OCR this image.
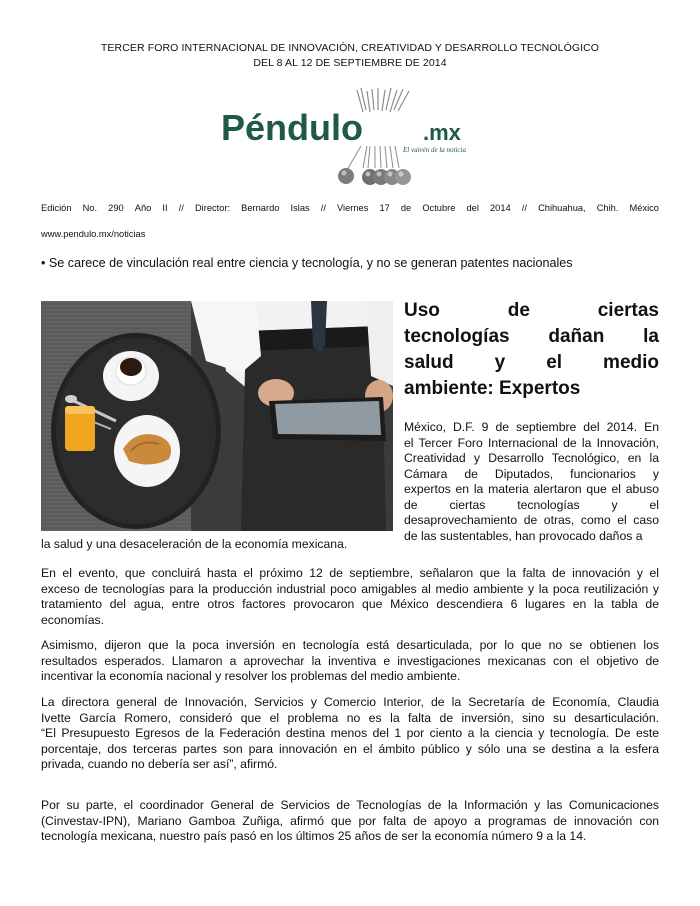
TERCER FORO INTERNACIONAL DE INNOVACIÓN, CREATIVIDAD Y DESARROLLO TECNOLÓGICO
DEL 8 AL 12 DE SEPTIEMBRE DE 2014
Péndulo	.mx
El vaivén de la noticia
Edición No. 290 Año II // Director: Bernardo Islas // Viernes 17 de Octubre del 2014 // Chihuahua, Chih. México
www.pendulo.mx/noticias
• Se carece de vinculación real entre ciencia y tecnología, y no se generan patentes nacionales
Uso de ciertas
tecnologías dañan la
salud y el medio
ambiente: Expertos
México, D.F. 9 de septiembre del 2014. En
el Tercer Foro Internacional de la Innovación,
Creatividad y Desarrollo Tecnológico, en la
Cámara de Diputados, funcionarios y
expertos en la materia alertaron que el abuso
de ciertas tecnologías y el
desaprovechamiento de otras, como el caso
de las sustentables, han provocado daños a
la salud y una desaceleración de la economía mexicana.
En el evento, que concluirá hasta el próximo 12 de septiembre, señalaron que la falta de innovación y el
exceso de tecnologías para la producción industrial poco amigables al medio ambiente y la poca reutilización y
tratamiento del agua, entre otros factores provocaron que México descendiera 6 lugares en la tabla de
economías.
Asimismo, dijeron que la poca inversión en tecnología está desarticulada, por lo que no se obtienen los
resultados esperados. Llamaron a aprovechar la inventiva e investigaciones mexicanas con el objetivo de
incentivar la economía nacional y resolver los problemas del medio ambiente.
La directora general de Innovación, Servicios y Comercio Interior, de la Secretaría de Economía, Claudia
Ivette García Romero, consideró que el problema no es la falta de inversión, sino su desarticulación.
“El Presupuesto Egresos de la Federación destina menos del 1 por ciento a la ciencia y tecnología. De este
porcentaje, dos terceras partes son para innovación en el ámbito público y sólo una se destina a la esfera
privada, cuando no debería ser así”, afirmó.
Por su parte, el coordinador General de Servicios de Tecnologías de la Información y las Comunicaciones
(Cinvestav-IPN), Mariano Gamboa Zuñiga, afirmó que por falta de apoyo a programas de innovación con
tecnología mexicana, nuestro país pasó en los últimos 25 años de ser la economía número 9 a la 14.
